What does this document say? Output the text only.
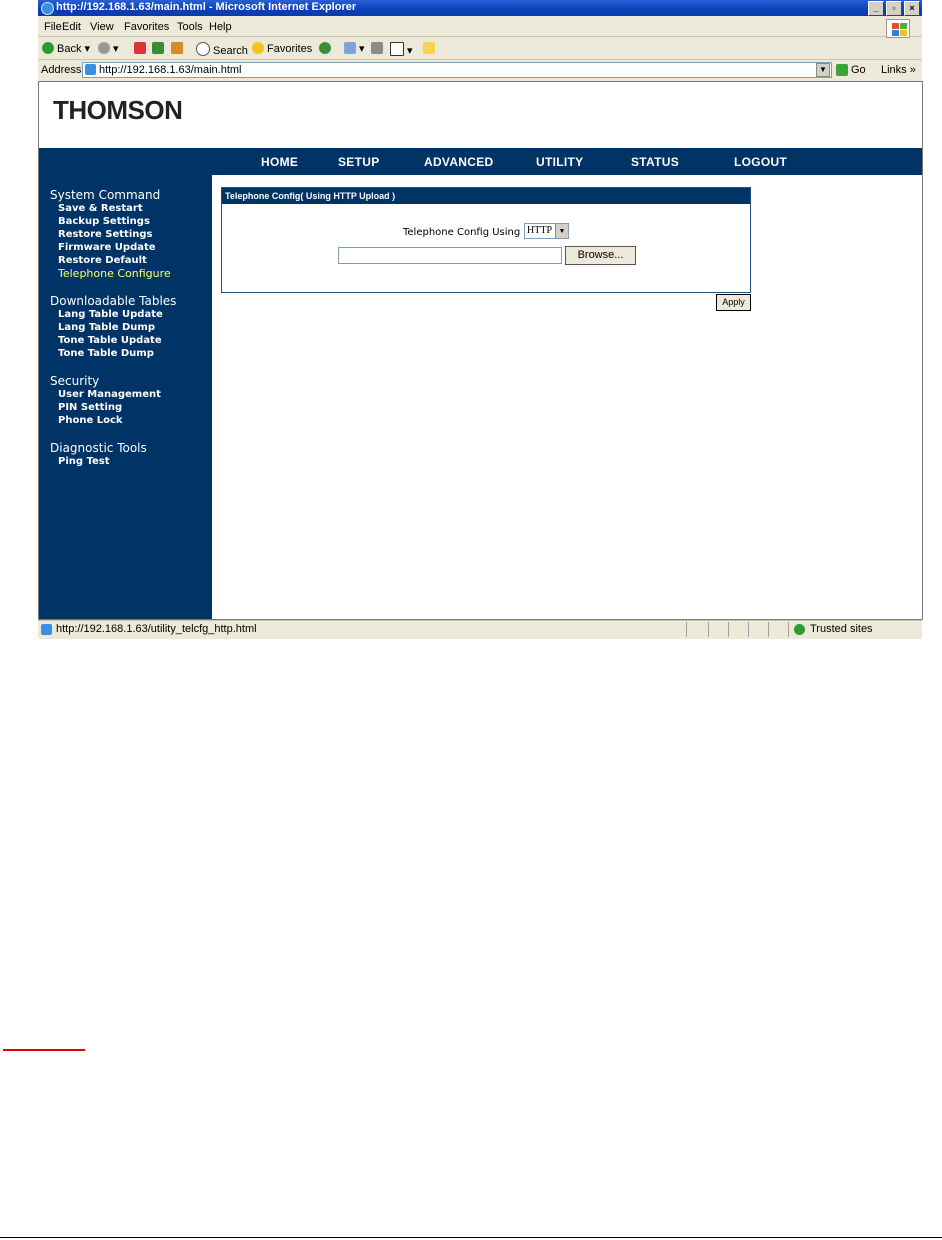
http://192.168.1.63/main.html - Microsoft Internet Explorer	_	▫	×
File Edit View Favorites Tools Help
Back ▾	▾	Search	Favorites	▾	▾
Address	http://192.168.1.63/main.html	▼	Go Links »
THOMSON
HOME	SETUP	ADVANCED	UTILITY	STATUS	LOGOUT
System Command
Save & Restart
Backup Settings
Restore Settings
Firmware Update
Restore Default
Telephone Configure
Downloadable Tables
Lang Table Update
Lang Table Dump
Tone Table Update
Tone Table Dump
Security
User Management
PIN Setting
Phone Lock
Diagnostic Tools
Ping Test
Telephone Config( Using HTTP Upload )
Telephone Config Using HTTP ▼
Browse...
Apply
http://192.168.1.63/utility_telcfg_http.html	Trusted sites
